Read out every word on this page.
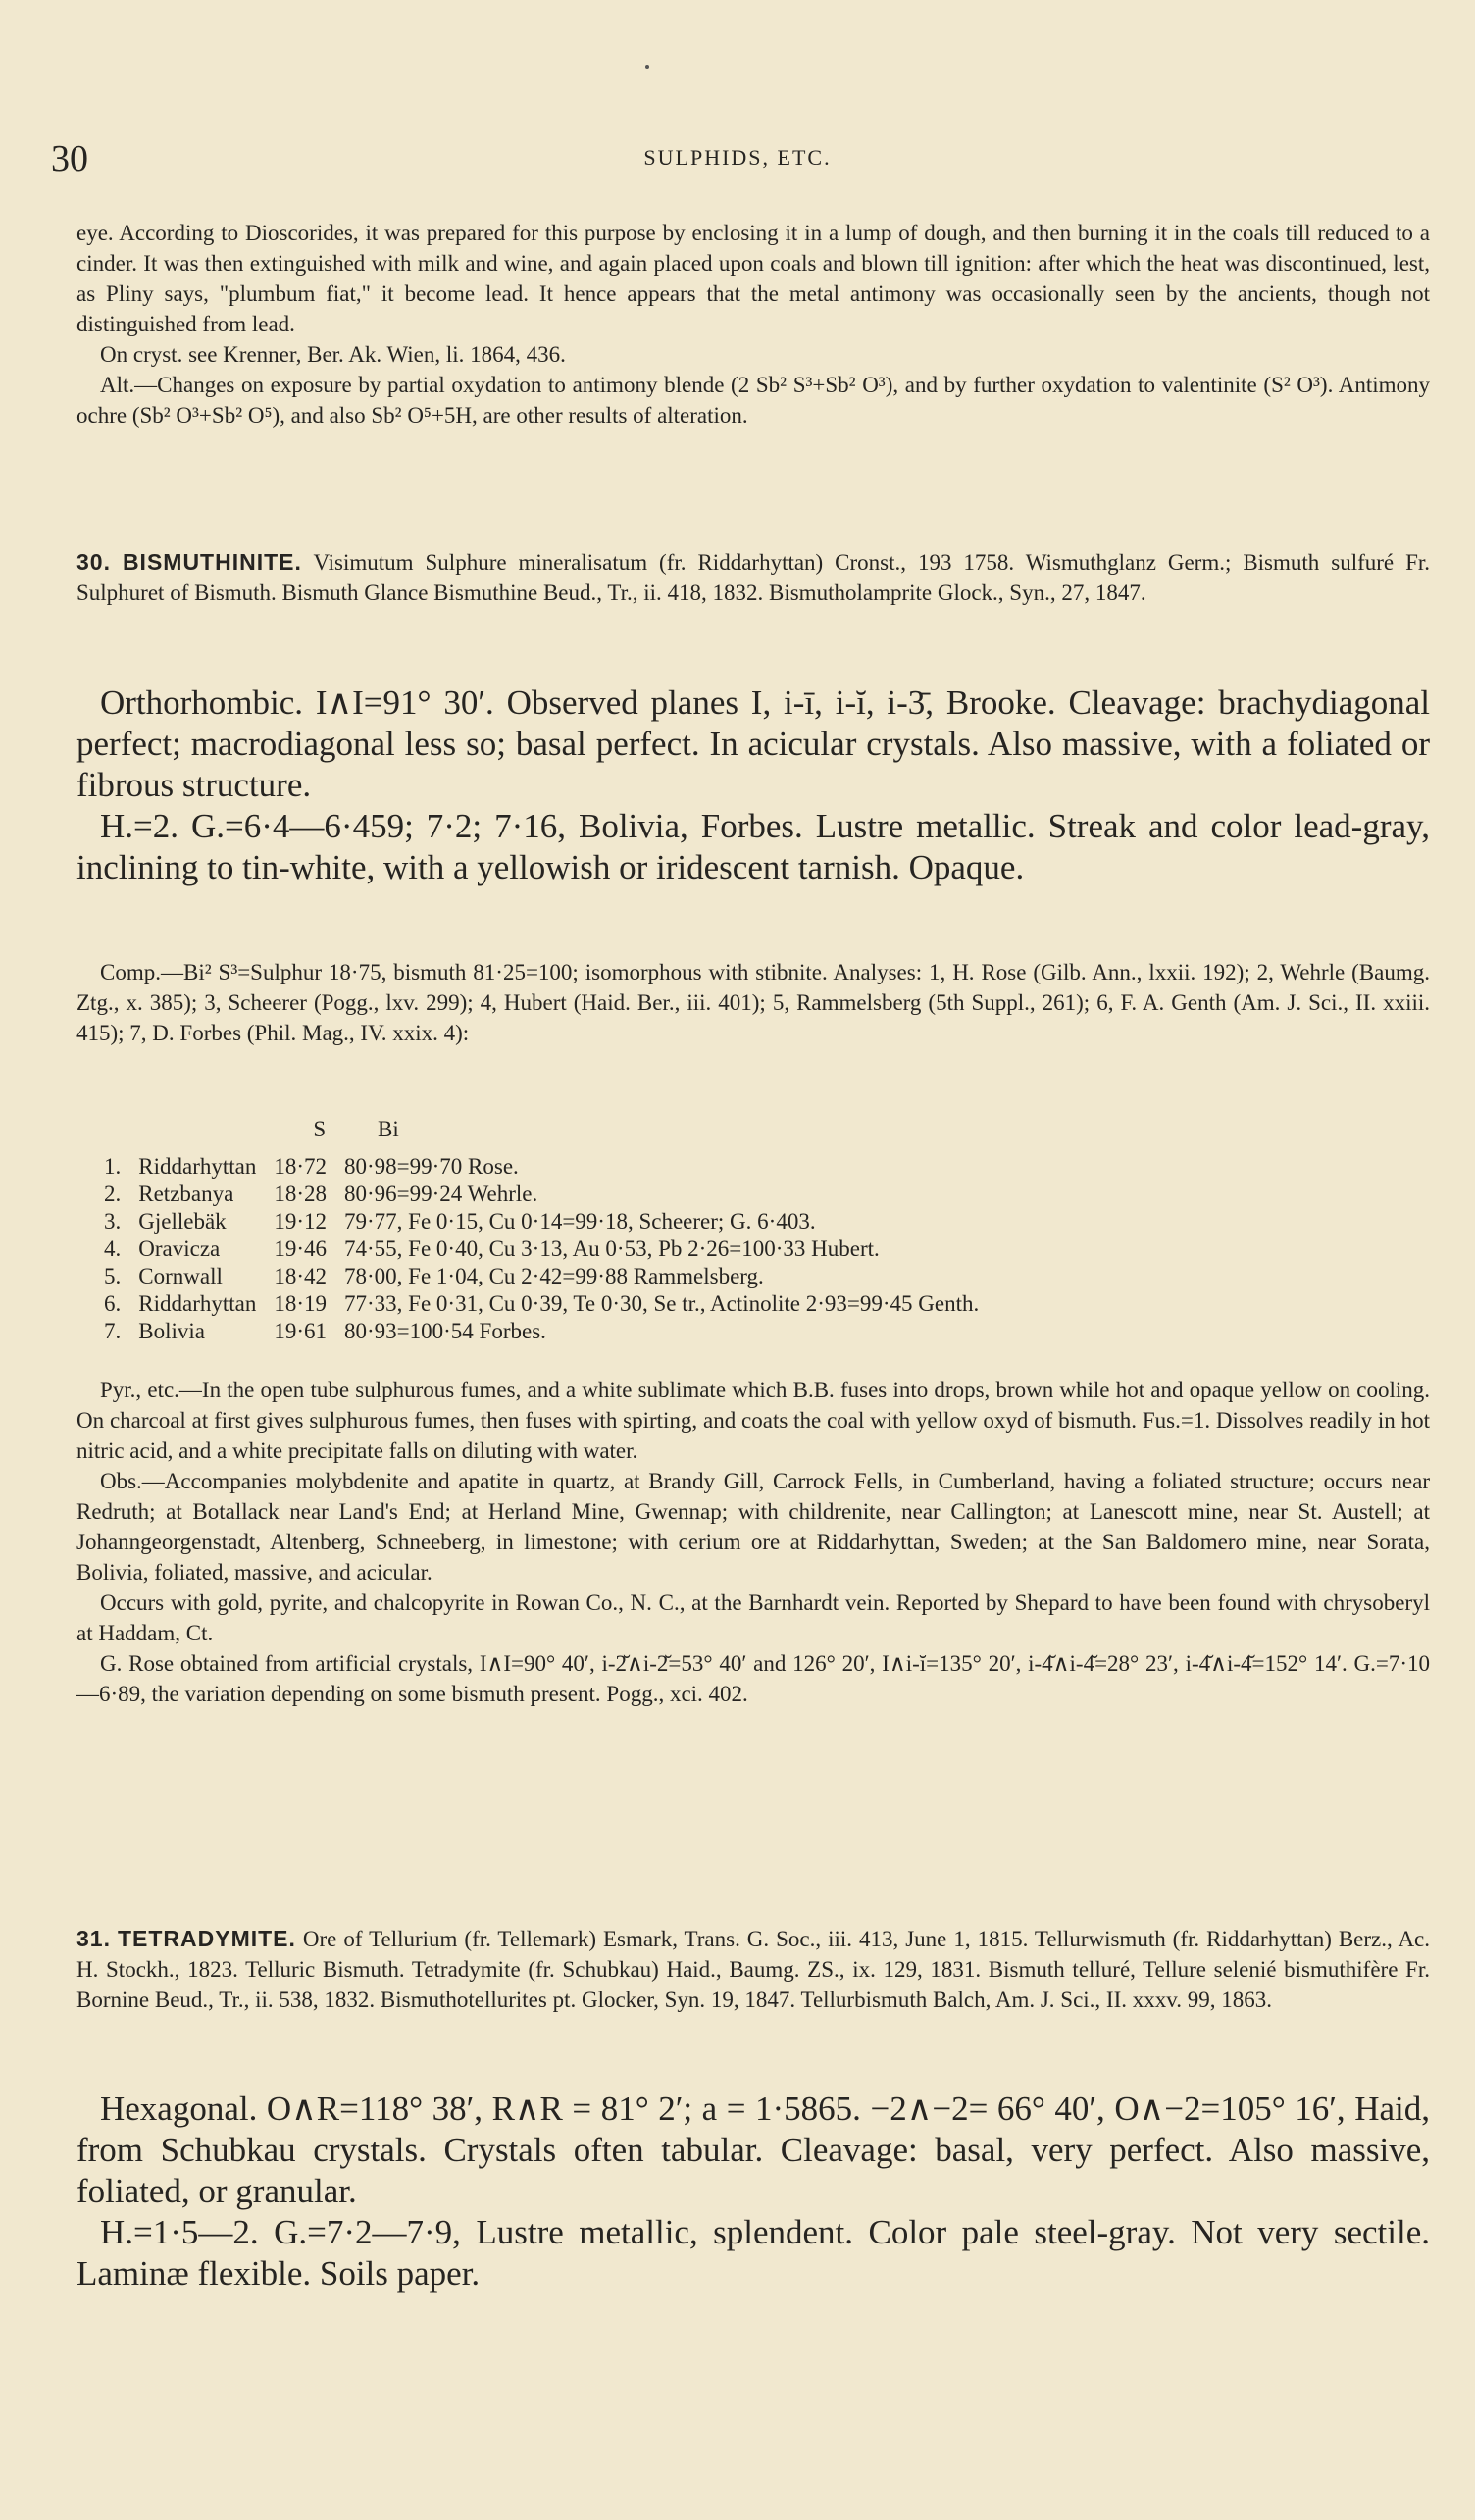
30	SULPHIDS, ETC.

eye. According to Dioscorides, it was prepared for this purpose by enclosing it in a lump of dough, and then burning it in the coals till reduced to a cinder. It was then extinguished with milk and wine, and again placed upon coals and blown till ignition: after which the heat was discontinued, lest, as Pliny says, "plumbum fiat," it become lead. It hence appears that the metal antimony was occasionally seen by the ancients, though not distinguished from lead.

On cryst. see Krenner, Ber. Ak. Wien, li. 1864, 436.

Alt.—Changes on exposure by partial oxydation to antimony blende (2 Sb² S³+Sb² O³), and by further oxydation to valentinite (S² O³). Antimony ochre (Sb² O³+Sb² O⁵), and also Sb² O⁵+5H, are other results of alteration.

30. BISMUTHINITE. Visimutum Sulphure mineralisatum (fr. Riddarhyttan) Cronst., 193 1758. Wismuthglanz Germ.; Bismuth sulfuré Fr. Sulphuret of Bismuth. Bismuth Glance Bismuthine Beud., Tr., ii. 418, 1832. Bismutholamprite Glock., Syn., 27, 1847.

Orthorhombic. I∧I=91° 30′. Observed planes I, i-ī, i-ĭ, i-3̄, Brooke. Cleavage: brachydiagonal perfect; macrodiagonal less so; basal perfect. In acicular crystals. Also massive, with a foliated or fibrous structure.

H.=2. G.=6·4—6·459; 7·2; 7·16, Bolivia, Forbes. Lustre metallic. Streak and color lead-gray, inclining to tin-white, with a yellowish or iridescent tarnish. Opaque.

Comp.—Bi² S³=Sulphur 18·75, bismuth 81·25=100; isomorphous with stibnite. Analyses: 1, H. Rose (Gilb. Ann., lxxii. 192); 2, Wehrle (Baumg. Ztg., x. 385); 3, Scheerer (Pogg., lxv. 299); 4, Hubert (Haid. Ber., iii. 401); 5, Rammelsberg (5th Suppl., 261); 6, F. A. Genth (Am. J. Sci., II. xxiii. 415); 7, D. Forbes (Phil. Mag., IV. xxix. 4):

		S	Bi

1.	Riddarhyttan	18·72	80·98=99·70 Rose.
2.	Retzbanya	18·28	80·96=99·24 Wehrle.
3.	Gjellebäk	19·12	79·77, Fe 0·15, Cu 0·14=99·18, Scheerer; G. 6·403.
4.	Oravicza	19·46	74·55, Fe 0·40, Cu 3·13, Au 0·53, Pb 2·26=100·33 Hubert.
5.	Cornwall	18·42	78·00, Fe 1·04, Cu 2·42=99·88 Rammelsberg.
6.	Riddarhyttan	18·19	77·33, Fe 0·31, Cu 0·39, Te 0·30, Se tr., Actinolite 2·93=99·45 Genth.
7.	Bolivia	19·61	80·93=100·54 Forbes.

Pyr., etc.—In the open tube sulphurous fumes, and a white sublimate which B.B. fuses into drops, brown while hot and opaque yellow on cooling. On charcoal at first gives sulphurous fumes, then fuses with spirting, and coats the coal with yellow oxyd of bismuth. Fus.=1. Dissolves readily in hot nitric acid, and a white precipitate falls on diluting with water.

Obs.—Accompanies molybdenite and apatite in quartz, at Brandy Gill, Carrock Fells, in Cumberland, having a foliated structure; occurs near Redruth; at Botallack near Land's End; at Herland Mine, Gwennap; with childrenite, near Callington; at Lanescott mine, near St. Austell; at Johanngeorgenstadt, Altenberg, Schneeberg, in limestone; with cerium ore at Riddarhyttan, Sweden; at the San Baldomero mine, near Sorata, Bolivia, foliated, massive, and acicular.

Occurs with gold, pyrite, and chalcopyrite in Rowan Co., N. C., at the Barnhardt vein. Reported by Shepard to have been found with chrysoberyl at Haddam, Ct.

G. Rose obtained from artificial crystals, I∧I=90° 40′, i-2̆∧i-2̆=53° 40′ and 126° 20′, I∧i-ĭ=135° 20′, i-4̆∧i-4̆=28° 23′, i-4̆∧i-4̆=152° 14′. G.=7·10—6·89, the variation depending on some bismuth present. Pogg., xci. 402.

31. TETRADYMITE. Ore of Tellurium (fr. Tellemark) Esmark, Trans. G. Soc., iii. 413, June 1, 1815. Tellurwismuth (fr. Riddarhyttan) Berz., Ac. H. Stockh., 1823. Telluric Bismuth. Tetradymite (fr. Schubkau) Haid., Baumg. ZS., ix. 129, 1831. Bismuth telluré, Tellure selenié bismuthifère Fr. Bornine Beud., Tr., ii. 538, 1832. Bismuthotellurites pt. Glocker, Syn. 19, 1847. Tellurbismuth Balch, Am. J. Sci., II. xxxv. 99, 1863.

Hexagonal. O∧R=118° 38′, R∧R = 81° 2′; a = 1·5865. −2∧−2= 66° 40′, O∧−2=105° 16′, Haid, from Schubkau crystals. Crystals often tabular. Cleavage: basal, very perfect. Also massive, foliated, or granular.

H.=1·5—2. G.=7·2—7·9, Lustre metallic, splendent. Color pale steel-gray. Not very sectile. Laminæ flexible. Soils paper.
